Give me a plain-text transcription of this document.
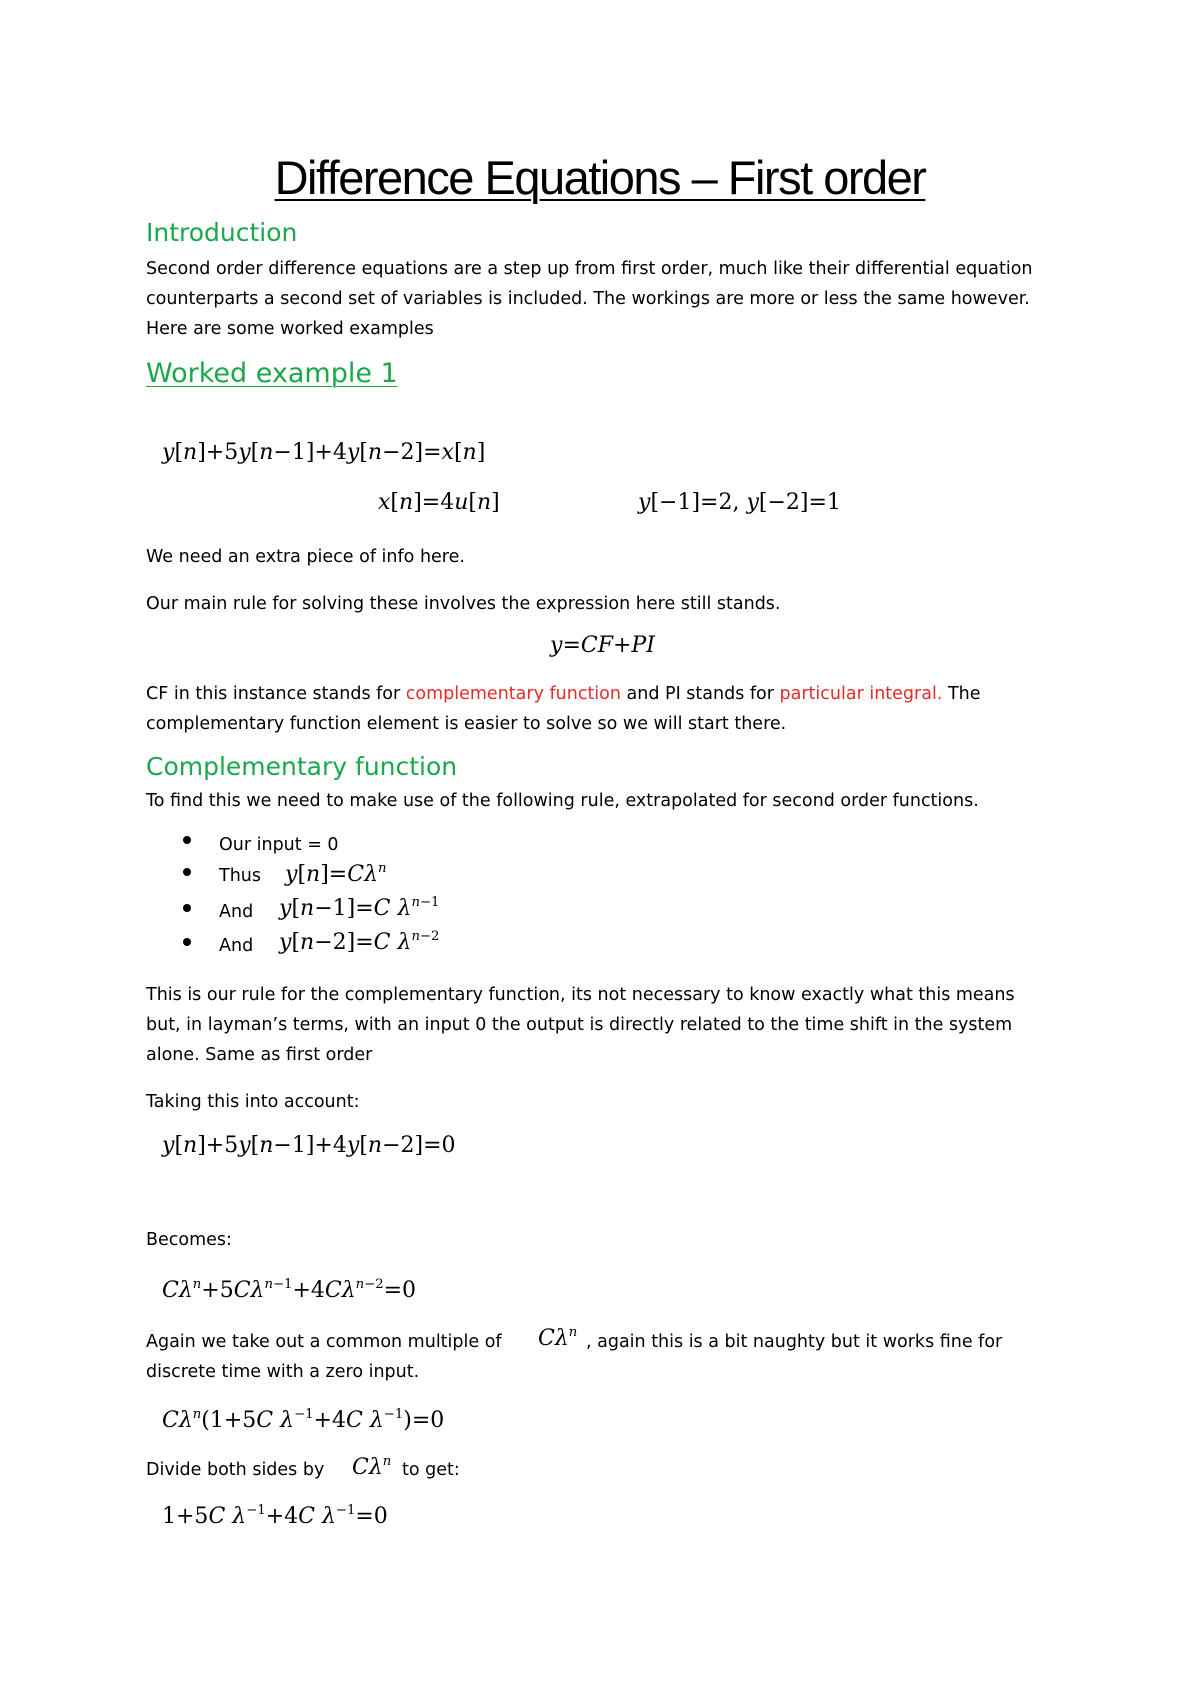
Difference Equations – First order
Introduction
Second order difference equations are a step up from first order, much like their differential equation
counterparts a second set of variables is included. The workings are more or less the same however.
Here are some worked examples
Worked example 1
y[n]+5y[n−1]+4y[n−2]=x[n]
x[n]=4u[n]	y[−1]=2, y[−2]=1
We need an extra piece of info here.
Our main rule for solving these involves the expression here still stands.
y=CF+PI
CF in this instance stands for complementary function and PI stands for particular integral. The
complementary function element is easier to solve so we will start there.
Complementary function
To find this we need to make use of the following rule, extrapolated for second order functions.
Our input = 0
Thus $y[n]=C\lambda^n$
And y[n−1]=C $\lambda^{n-1}$
And y[n−2]=C $\lambda^{n-2}$
This is our rule for the complementary function, its not necessary to know exactly what this means
but, in layman’s terms, with an input 0 the output is directly related to the time shift in the system
alone. Same as first order
Taking this into account:
y[n]+5y[n−1]+4y[n−2]=0
Becomes:
$C\lambda^n+5C\lambda^{n-1}+4C\lambda^{n-2}=0$
Again we take out a common multiple of $C\lambda^n$ , again this is a bit naughty but it works fine for
discrete time with a zero input.
$C\lambda^n(1+5C$ $\lambda^{-1}+4C$ $\lambda^{-1})=0$
Divide both sides by $C\lambda^n$ to get:
1+5C $\lambda^{-1}+4C$ $\lambda^{-1}=0$
